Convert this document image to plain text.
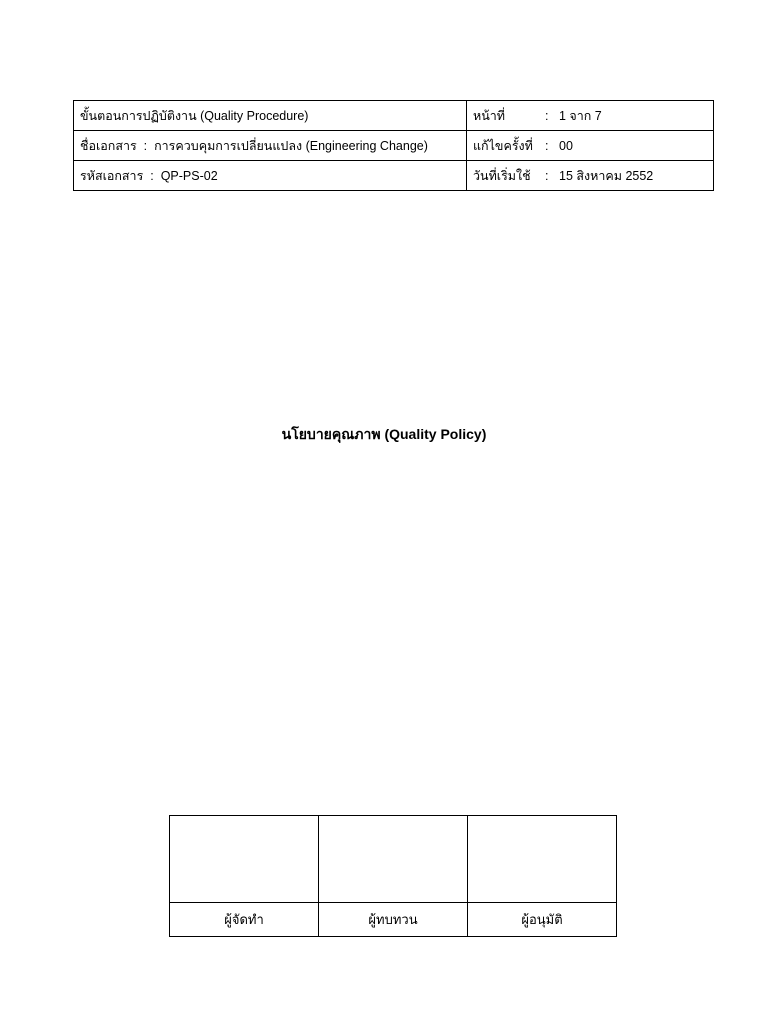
ขั้นตอนการปฏิบัติงาน (Quality Procedure)	หน้าที่ : 1 จาก 7
ชื่อเอกสาร : การควบคุมการเปลี่ยนแปลง (Engineering Change)	แก้ไขครั้งที่ : 00
รหัสเอกสาร : QP-PS-02	วันที่เริ่มใช้ : 15 สิงหาคม 2552
นโยบายคุณภาพ (Quality Policy)

ผู้จัดทำ	ผู้ทบทวน	ผู้อนุมัติ
